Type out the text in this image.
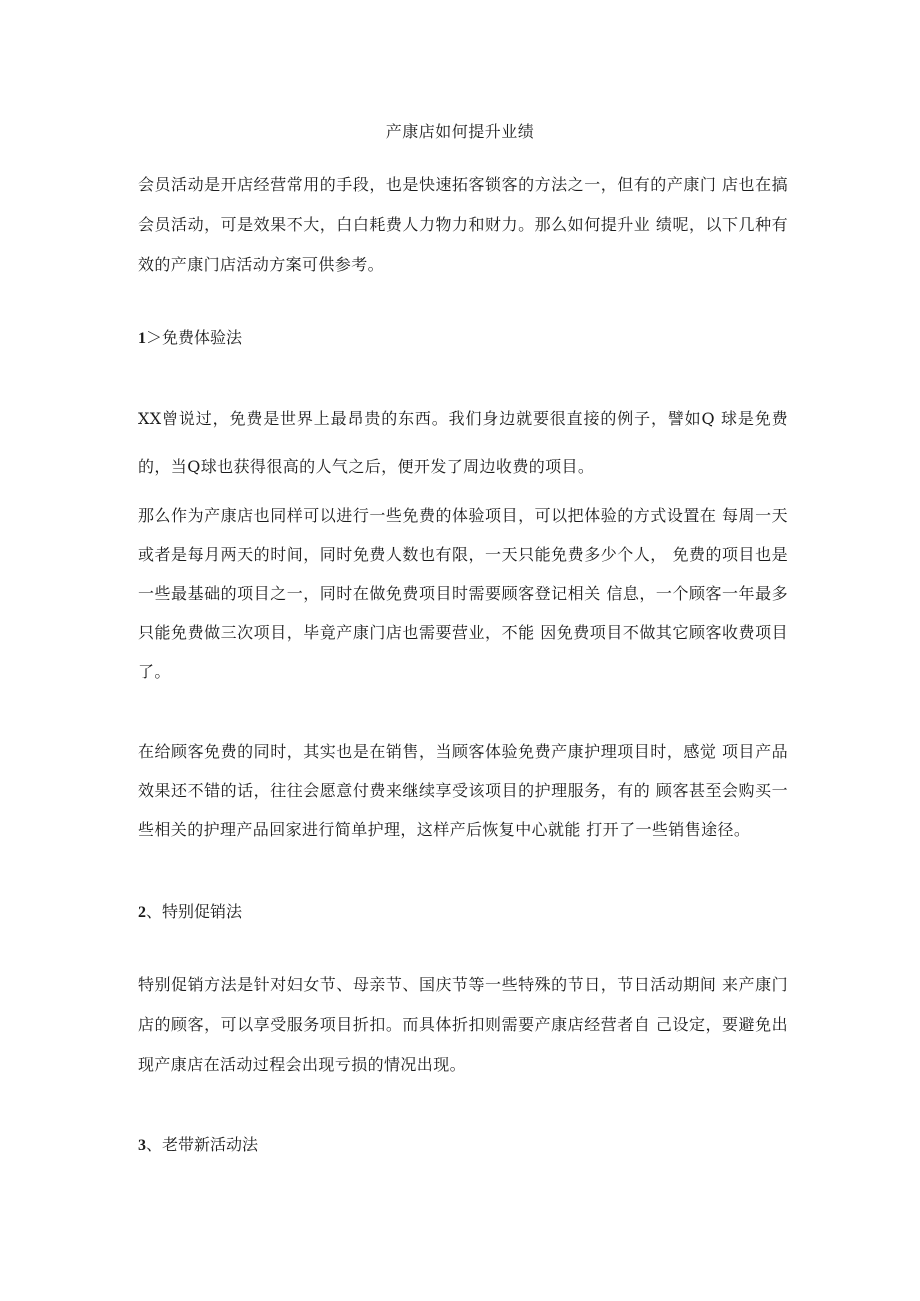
产康店如何提升业绩

会员活动是开店经营常用的手段，也是快速拓客锁客的方法之一，但有的产康门 店也在搞会员活动，可是效果不大，白白耗费人力物力和财力。那么如何提升业 绩呢，以下几种有效的产康门店活动方案可供参考。

1＞免费体验法

XX曾说过，免费是世界上最昂贵的东西。我们身边就要很直接的例子，譬如Q 球是免费的，当Q球也获得很高的人气之后，便开发了周边收费的项目。

那么作为产康店也同样可以进行一些免费的体验项目，可以把体验的方式设置在 每周一天或者是每月两天的时间，同时免费人数也有限，一天只能免费多少个人， 免费的项目也是一些最基础的项目之一，同时在做免费项目时需要顾客登记相关 信息，一个顾客一年最多只能免费做三次项目，毕竟产康门店也需要营业，不能 因免费项目不做其它顾客收费项目了。

在给顾客免费的同时，其实也是在销售，当顾客体验免费产康护理项目时，感觉 项目产品效果还不错的话，往往会愿意付费来继续享受该项目的护理服务，有的 顾客甚至会购买一些相关的护理产品回家进行简单护理，这样产后恢复中心就能 打开了一些销售途径。

2、特别促销法

特别促销方法是针对妇女节、母亲节、国庆节等一些特殊的节日，节日活动期间 来产康门店的顾客，可以享受服务项目折扣。而具体折扣则需要产康店经营者自 己设定，要避免出现产康店在活动过程会出现亏损的情况出现。

3、老带新活动法
